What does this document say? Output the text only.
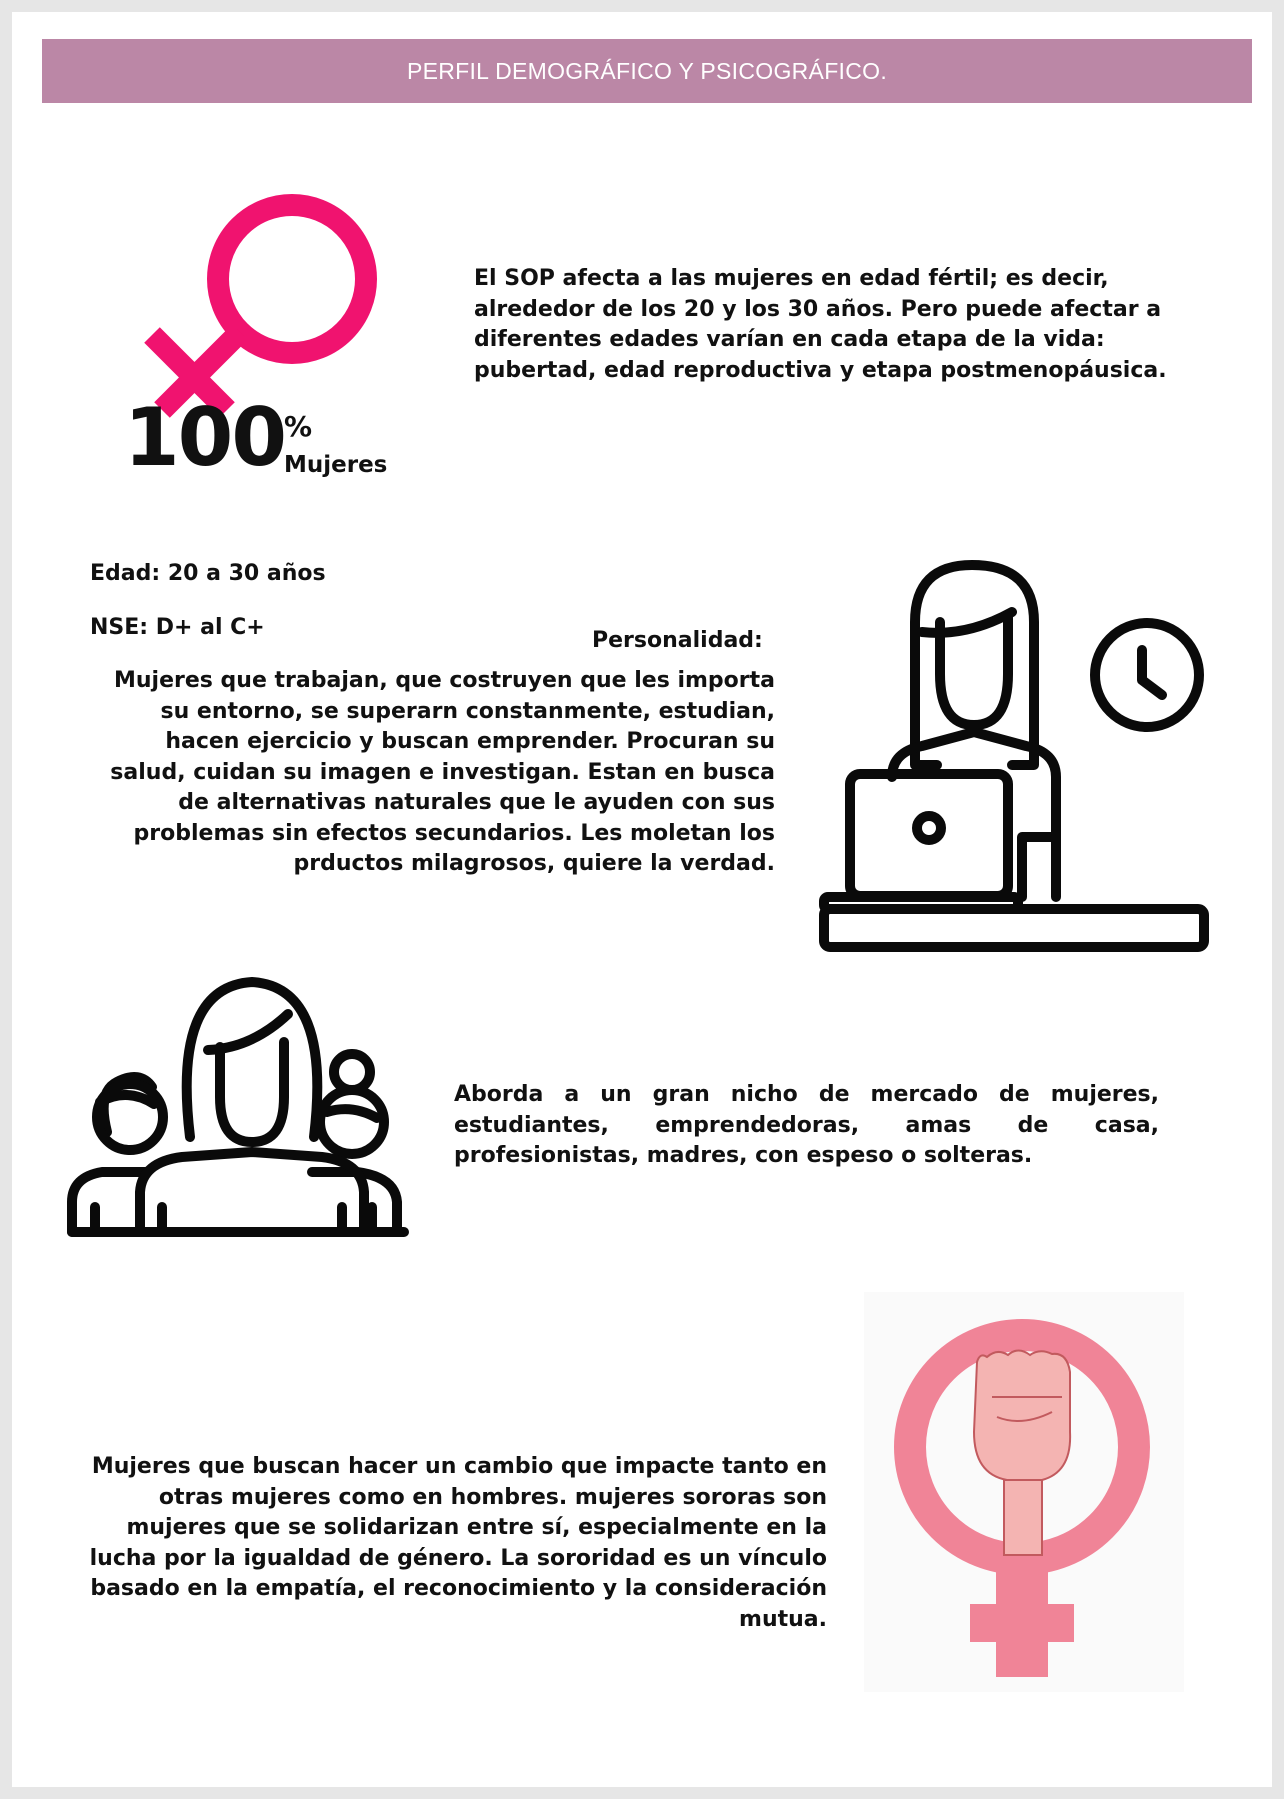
PERFIL DEMOGRÁFICO Y PSICOGRÁFICO.
100 %
Mujeres
El SOP afecta a las mujeres en edad fértil; es decir, alrededor de los 20 y los 30 años. Pero puede afectar a diferentes edades varían en cada etapa de la vida: pubertad, edad reproductiva y etapa postmenopáusica.
Edad: 20 a 30 años
NSE: D+ al C+
Personalidad:
Mujeres que trabajan, que costruyen que les importa su entorno, se superarn constanmente, estudian, hacen ejercicio y buscan emprender. Procuran su salud, cuidan su imagen e investigan. Estan en busca de alternativas naturales que le ayuden con sus problemas sin efectos secundarios. Les moletan los prductos milagrosos, quiere la verdad.
Aborda a un gran nicho de mercado de mujeres, estudiantes, emprendedoras, amas de casa, profesionistas, madres, con espeso o solteras.
Mujeres que buscan hacer un cambio que impacte tanto en otras mujeres como en hombres. mujeres sororas son mujeres que se solidarizan entre sí, especialmente en la lucha por la igualdad de género. La sororidad es un vínculo basado en la empatía, el reconocimiento y la consideración mutua.
